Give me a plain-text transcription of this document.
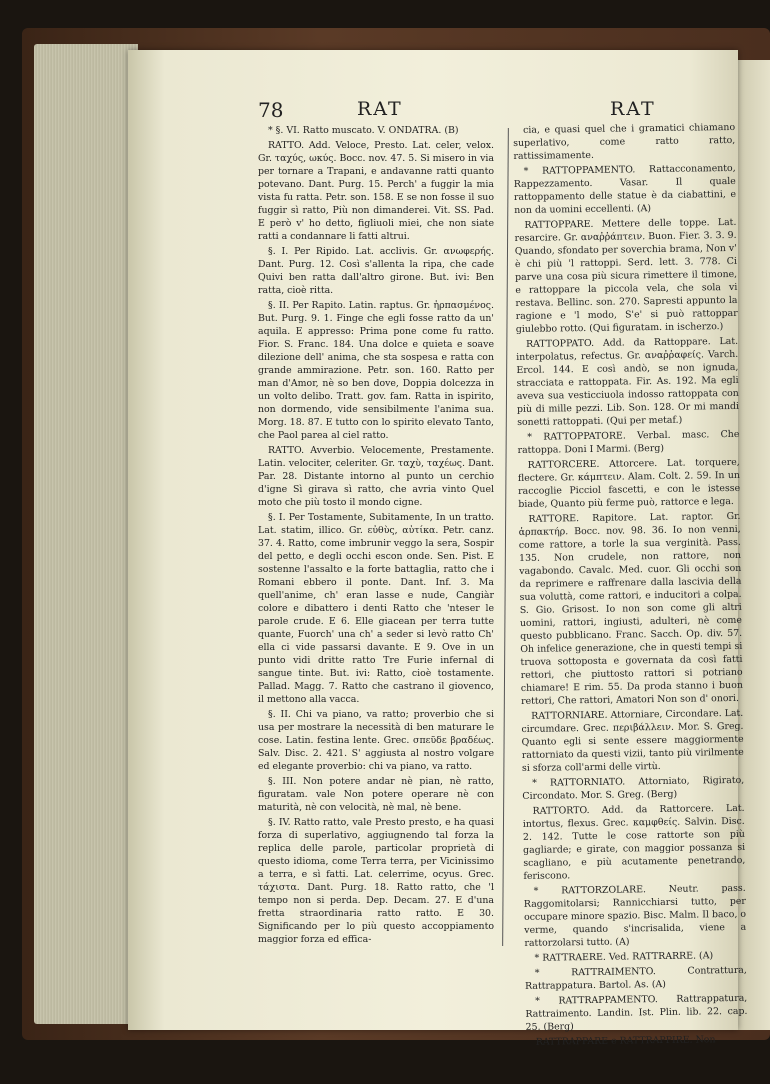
78	RAT	RAT

* §. VI. Ratto muscato. V. ONDATRA. (B)

RATTO. Add. Veloce, Presto. Lat. celer, velox. Gr. ταχύς, ωκύς. Bocc. nov. 47. 5. Si misero in via per tornare a Trapani, e andavanne ratti quanto potevano. Dant. Purg. 15. Perch' a fuggir la mia vista fu ratta. Petr. son. 158. E se non fosse il suo fuggir sì ratto, Più non dimanderei. Vit. SS. Pad. E però v' ho detto, figliuoli miei, che non siate ratti a condannare li fatti altrui.

§. I. Per Ripido. Lat. acclivis. Gr. ανωφερής. Dant. Purg. 12. Così s'allenta la ripa, che cade Quivi ben ratta dall'altro girone. But. ivi: Ben ratta, cioè ritta.

§. II. Per Rapito. Latin. raptus. Gr. ἡρπασμένος. But. Purg. 9. 1. Finge che egli fosse ratto da un' aquila. E appresso: Prima pone come fu ratto. Fior. S. Franc. 184. Una dolce e quieta e soave dilezione dell' anima, che sta sospesa e ratta con grande ammirazione. Petr. son. 160. Ratto per man d'Amor, nè so ben dove, Doppia dolcezza in un volto delibo. Tratt. gov. fam. Ratta in ispirito, non dormendo, vide sensibilmente l'anima sua. Morg. 18. 87. E tutto con lo spirito elevato Tanto, che Paol parea al ciel ratto.

RATTO. Avverbio. Velocemente, Prestamente. Latin. velociter, celeriter. Gr. ταχὺ, ταχέως. Dant. Par. 28. Distante intorno al punto un cerchio d'igne Sì girava sì ratto, che avria vinto Quel moto che più tosto il mondo cigne.

§. I. Per Tostamente, Subitamente, In un tratto. Lat. statim, illico. Gr. εὐθὺς, αὐτίκα. Petr. canz. 37. 4. Ratto, come imbrunir veggo la sera, Sospir del petto, e degli occhi escon onde. Sen. Pist. E sostenne l'assalto e la forte battaglia, ratto che i Romani ebbero il ponte. Dant. Inf. 3. Ma quell'anime, ch' eran lasse e nude, Cangiàr colore e dibattero i denti Ratto che 'nteser le parole crude. E 6. Elle giacean per terra tutte quante, Fuorch' una ch' a seder si levò ratto Ch' ella ci vide passarsi davante. E 9. Ove in un punto vidi dritte ratto Tre Furie infernal di sangue tinte. But. ivi: Ratto, cioè tostamente. Pallad. Magg. 7. Ratto che castrano il giovenco, il mettono alla vacca.

§. II. Chi va piano, va ratto; proverbio che si usa per mostrare la necessità di ben maturare le cose. Latin. festina lente. Grec. σπεῦδε βραδέως. Salv. Disc. 2. 421. S' aggiusta al nostro volgare ed elegante proverbio: chi va piano, va ratto.

§. III. Non potere andar nè pian, nè ratto, figuratam. vale Non potere operare nè con maturità, nè con velocità, nè mal, nè bene.

§. IV. Ratto ratto, vale Presto presto, e ha quasi forza di superlativo, aggiugnendo tal forza la replica delle parole, particolar proprietà di questo idioma, come Terra terra, per Vicinissimo a terra, e sì fatti. Lat. celerrime, ocyus. Grec. τάχιστα. Dant. Purg. 18. Ratto ratto, che 'l tempo non si perda. Dep. Decam. 27. E d'una fretta straordinaria ratto ratto. E 30. Significando per lo più questo accoppiamento maggior forza ed effica-

cia, e quasi quel che i gramatici chiamano superlativo, come ratto ratto, rattissimamente.

* RATTOPPAMENTO. Rattacconamento, Rappezzamento. Vasar. Il quale rattoppamento delle statue è da ciabattini, e non da uomini eccellenti. (A)

RATTOPPARE. Mettere delle toppe. Lat. resarcire. Gr. αναῤῥάπτειν. Buon. Fier. 3. 3. 9. Quando, sfondato per soverchia brama, Non v' è chi più 'l rattoppi. Serd. lett. 3. 778. Ci parve una cosa più sicura rimettere il timone, e rattoppare la piccola vela, che sola vi restava. Bellinc. son. 270. Sapresti appunto la ragione e 'l modo, S'e' si può rattoppar giulebbo rotto. (Qui figuratam. in ischerzo.)

RATTOPPATO. Add. da Rattoppare. Lat. interpolatus, refectus. Gr. αναῤῥαφείς. Varch. Ercol. 144. E così andò, se non ignuda, stracciata e rattoppata. Fir. As. 192. Ma egli aveva sua vesticciuola indosso rattoppata con più di mille pezzi. Lib. Son. 128. Or mi mandi sonetti rattoppati. (Qui per metaf.)

* RATTOPPATORE. Verbal. masc. Che rattoppa. Doni I Marmi. (Berg)

RATTORCERE. Attorcere. Lat. torquere, flectere. Gr. κάμπτειν. Alam. Colt. 2. 59. In un raccoglie Picciol fascetti, e con le istesse biade, Quanto più ferme può, rattorce e lega.

RATTORE. Rapitore. Lat. raptor. Gr. ἁρπακτήρ. Bocc. nov. 98. 36. Io non venni, come rattore, a torle la sua verginità. Pass. 135. Non crudele, non rattore, non vagabondo. Cavalc. Med. cuor. Gli occhi son da reprimere e raffrenare dalla lascivia della sua voluttà, come rattori, e inducitori a colpa. S. Gio. Grisost. Io non son come gli altri uomini, rattori, ingiusti, adulteri, nè come questo pubblicano. Franc. Sacch. Op. div. 57. Oh infelice generazione, che in questi tempi si truova sottoposta e governata da così fatti rettori, che piuttosto rattori si potriano chiamare! E rim. 55. Da proda stanno i buon rettori, Che rattori, Amatori Non son d' onori.

RATTORNIARE. Attorniare, Circondare. Lat. circumdare. Grec. περιβάλλειν. Mor. S. Greg. Quanto egli si sente essere maggiormente rattorniato da questi vizii, tanto più virilmente si sforza coll'armi delle virtù.

* RATTORNIATO. Attorniato, Rigirato, Circondato. Mor. S. Greg. (Berg)

RATTORTO. Add. da Rattorcere. Lat. intortus, flexus. Grec. καμφθείς. Salvin. Disc. 2. 142. Tutte le cose rattorte son più gagliarde; e girate, con maggior possanza si scagliano, e più acutamente penetrando, feriscono.

* RATTORZOLARE. Neutr. pass. Raggomitolarsi; Rannicchiarsi tutto, per occupare minore spazio. Bisc. Malm. Il baco, o verme, quando s'incrisalida, viene a rattorzolarsi tutto. (A)

* RATTRAERE. Ved. RATTRARRE. (A)

* RATTRAIMENTO. Contrattura, Rattrappatura. Bartol. As. (A)

* RATTRAPPAMENTO. Rattrappatura, Rattraimento. Landin. Ist. Plin. lib. 22. cap. 25. (Berg)

RATTRAPPARE e RATTRAPPIRE. Non
